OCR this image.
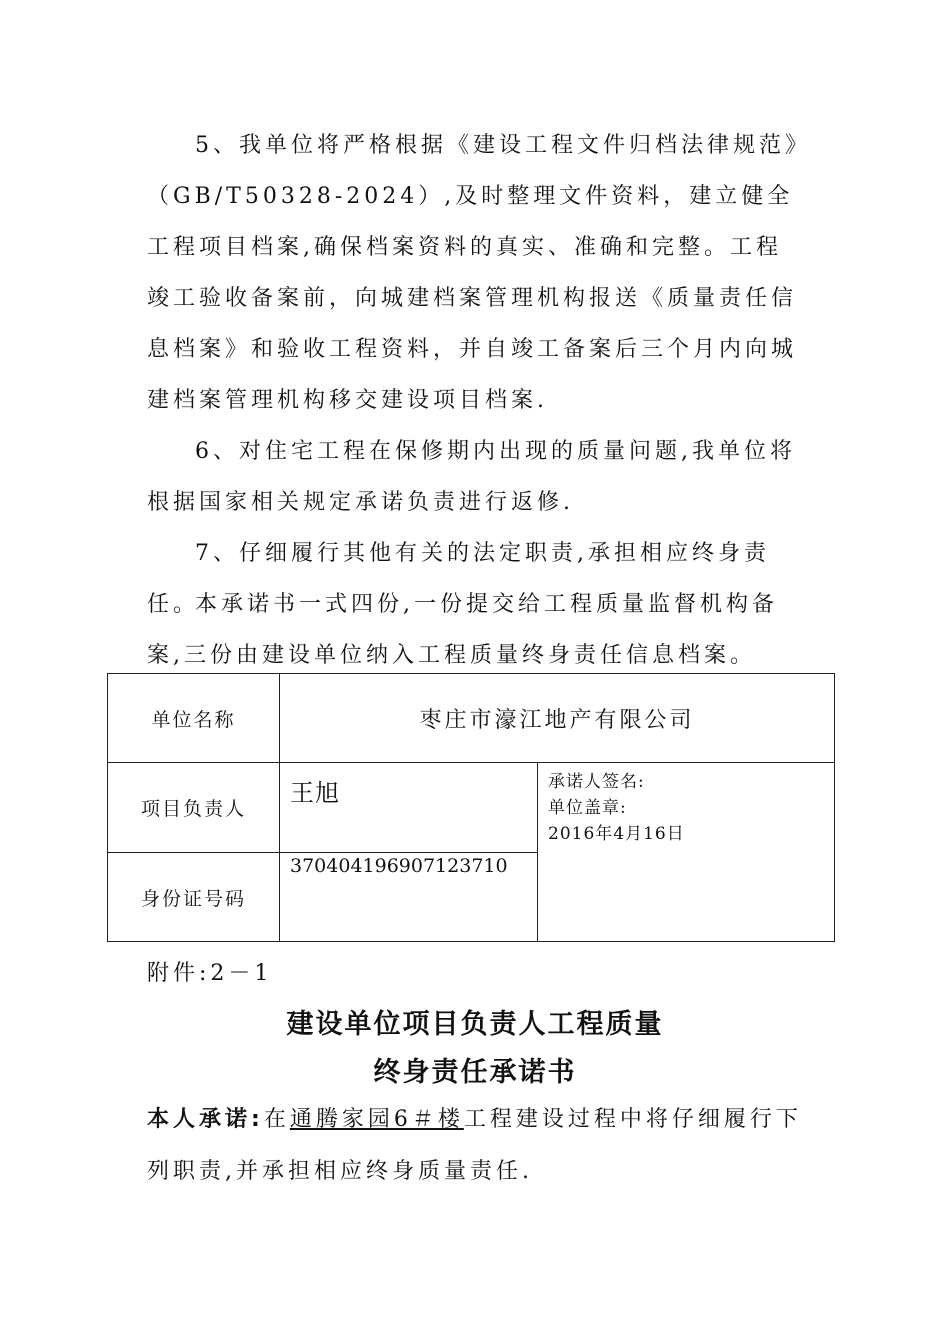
5、我单位将严格根据《建设工程文件归档法律规范》（GB/T50328-2024）,及时整理文件资料，建立健全工程项目档案,确保档案资料的真实、准确和完整。工程竣工验收备案前，向城建档案管理机构报送《质量责任信息档案》和验收工程资料，并自竣工备案后三个月内向城建档案管理机构移交建设项目档案.

6、对住宅工程在保修期内出现的质量问题,我单位将根据国家相关规定承诺负责进行返修.

7、仔细履行其他有关的法定职责,承担相应终身责任。

本承诺书一式四份,一份提交给工程质量监督机构备案,三份由建设单位纳入工程质量终身责任信息档案。

单位名称	枣庄市濠江地产有限公司	
项目负责人	王旭	承诺人签名:
单位盖章:
2016年4月16日

身份证号码	370404196907123710	

附件:2－1

建设单位项目负责人工程质量

终身责任承诺书

本人承诺:在通腾家园6＃楼工程建设过程中将仔细履行下

列职责,并承担相应终身质量责任.
